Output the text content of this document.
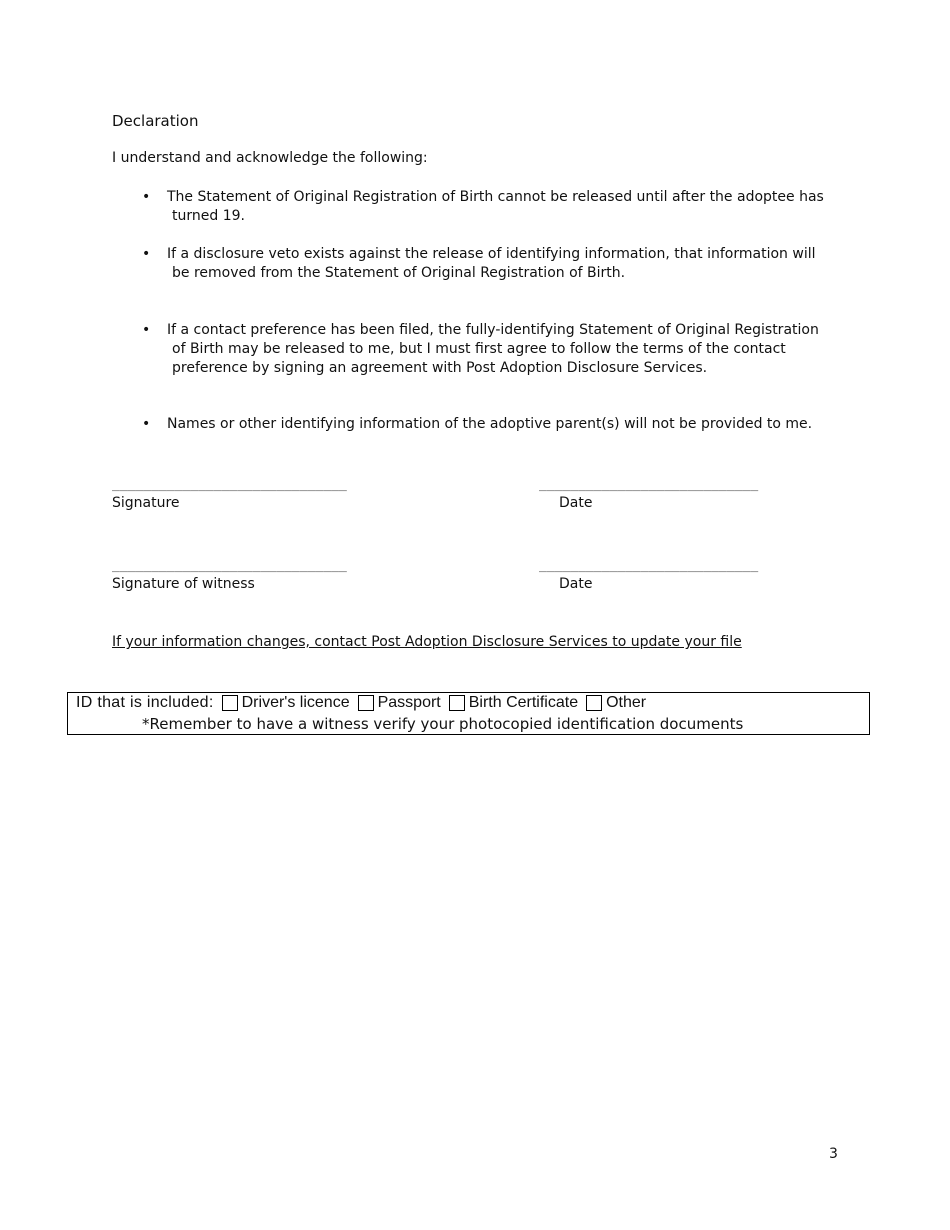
Declaration
I understand and acknowledge the following:
•	The Statement of Original Registration of Birth cannot be released until after the adoptee has
turned 19.
•	If a disclosure veto exists against the release of identifying information, that information will
be removed from the Statement of Original Registration of Birth.
•	If a contact preference has been filed, the fully-identifying Statement of Original Registration
of Birth may be released to me, but I must first agree to follow the terms of the contact
preference by signing an agreement with Post Adoption Disclosure Services.
•	Names or other identifying information of the adoptive parent(s) will not be provided to me.
______________________________	____________________________
Signature	Date
______________________________	____________________________
Signature of witness	Date
If your information changes, contact Post Adoption Disclosure Services to update your file
ID that is included: Driver's licence Passport Birth Certificate Other
*Remember to have a witness verify your photocopied identification documents
3
